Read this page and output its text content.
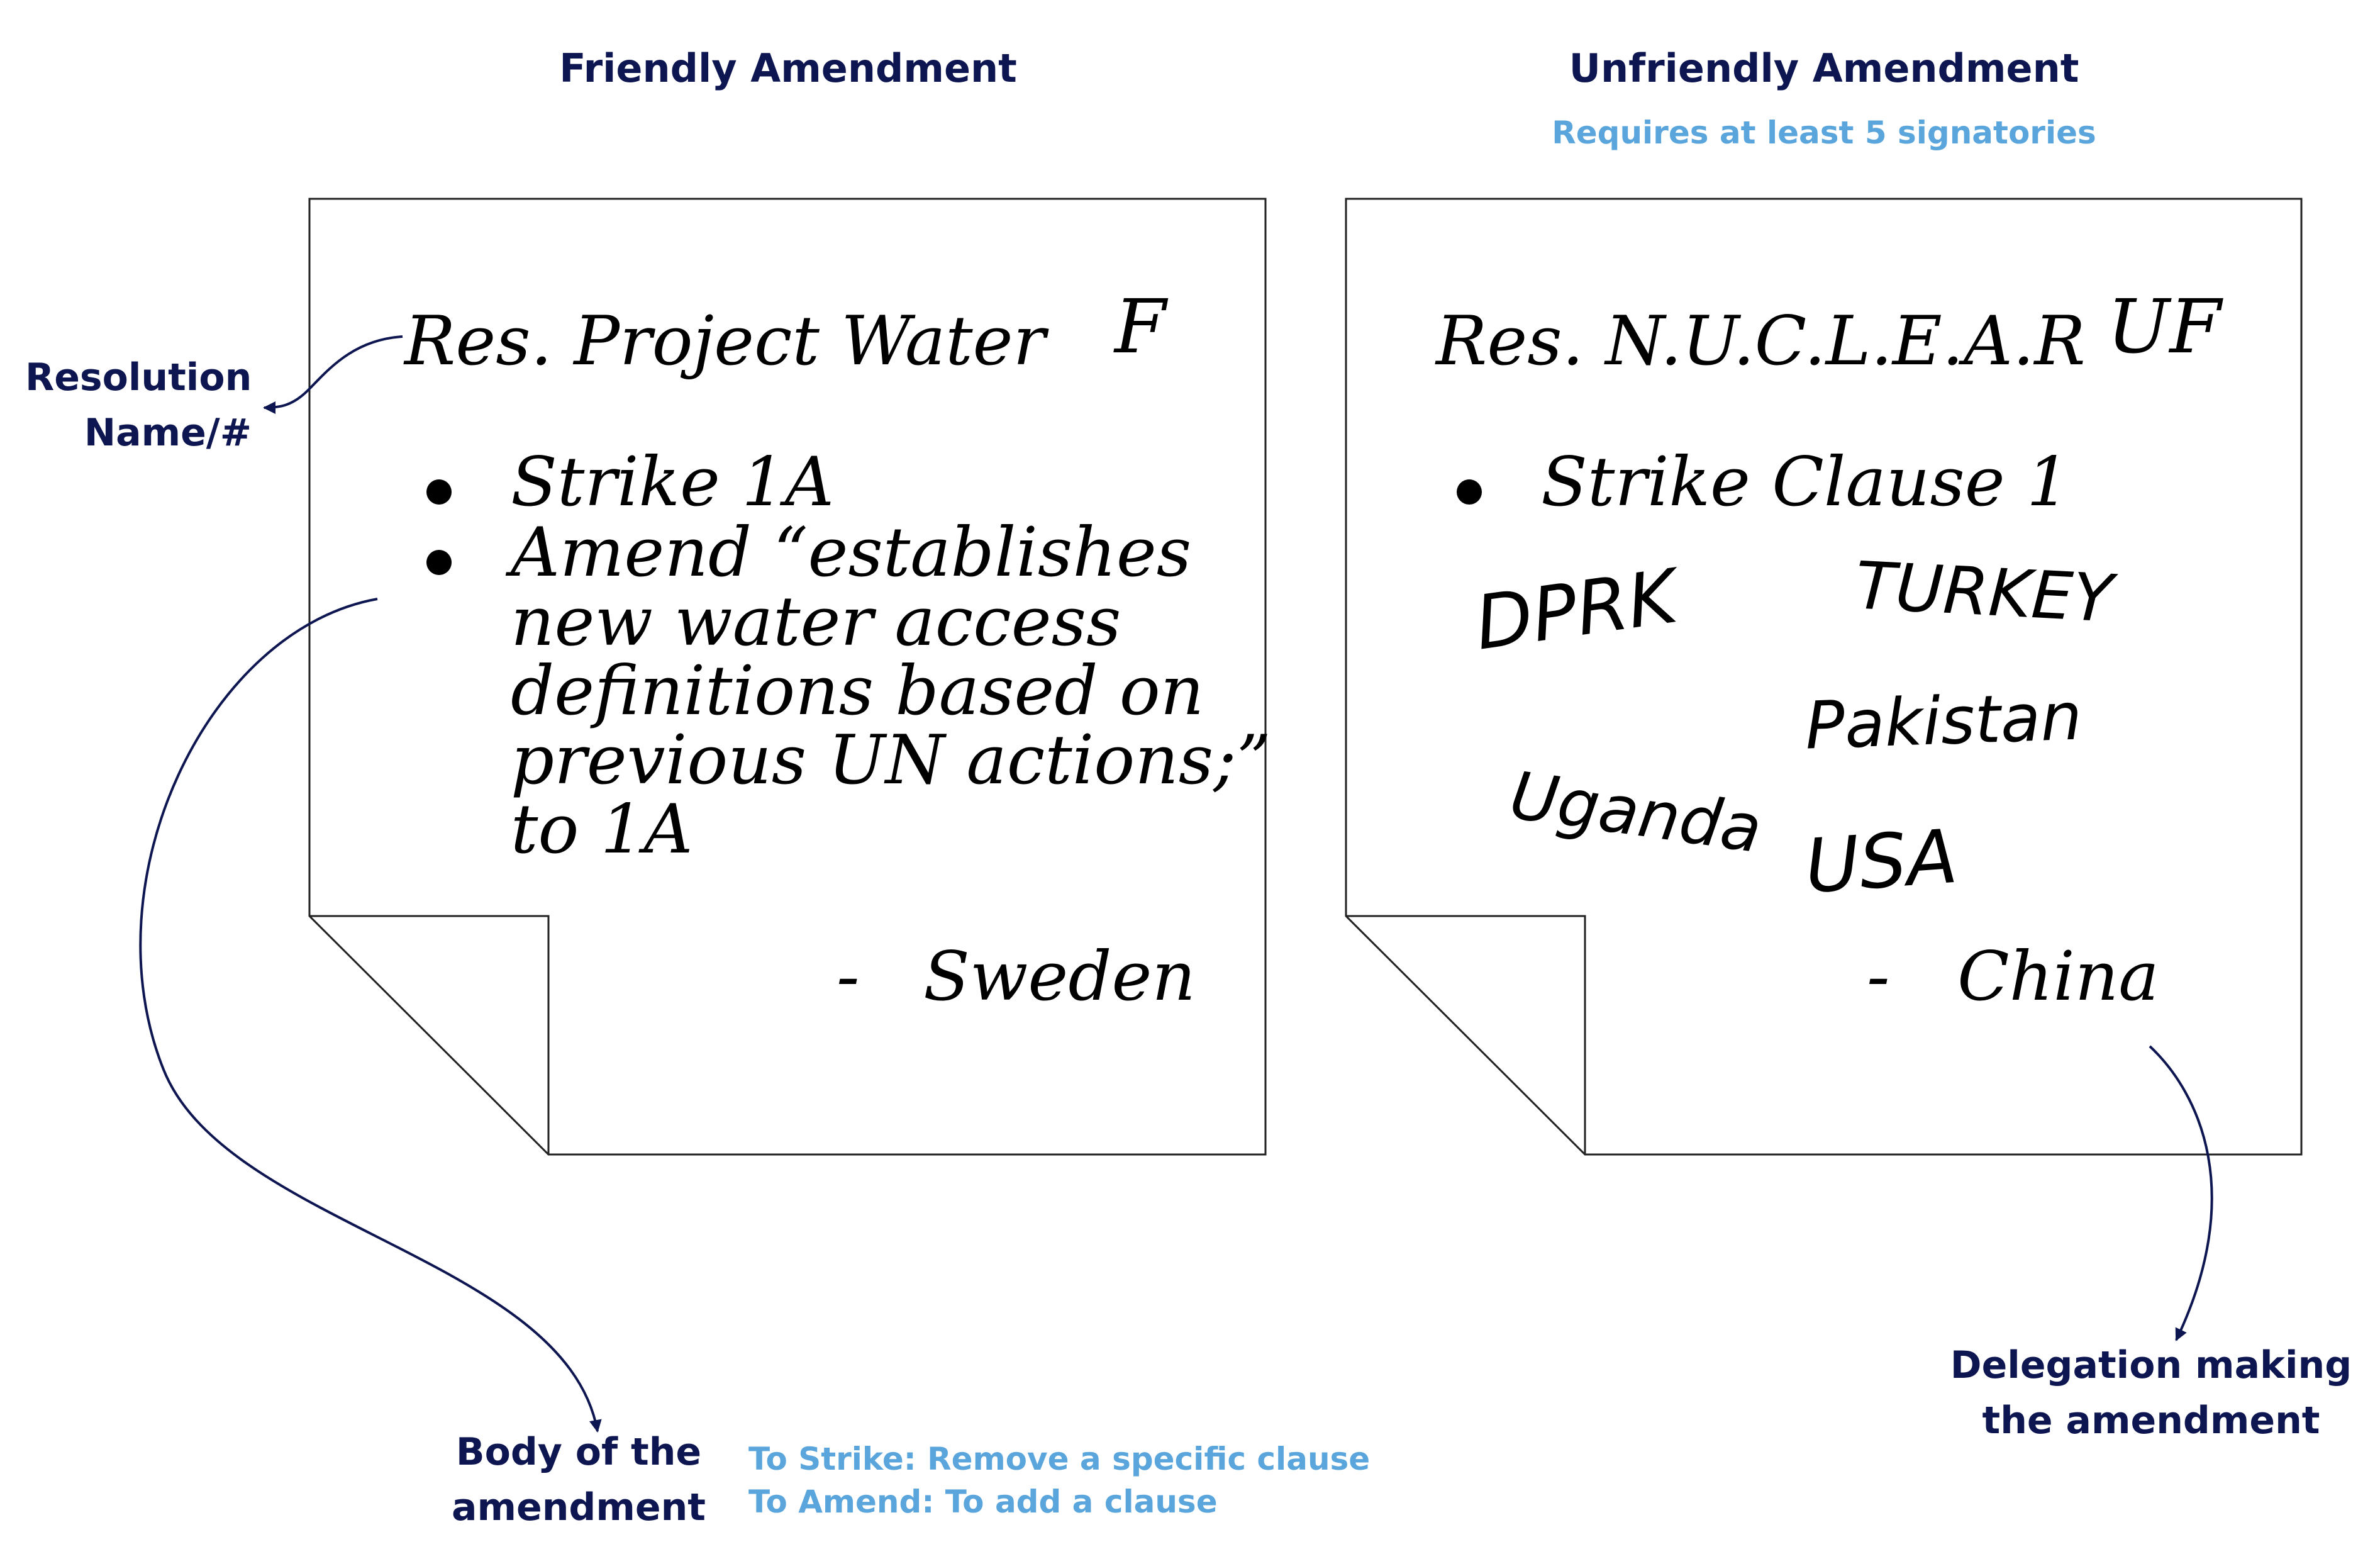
Friendly Amendment	Unfriendly Amendment
Requires at least 5 signatories
Res. Project Water F
Strike 1A
Amend “establishes
new water access
definitions based on
previous UN actions;”
to 1A
- Sweden
Res. N.U.C.L.E.A.R UF
Strike Clause 1
DPRK	TURKEY
Pakistan
Uganda USA
- China
Resolution
Name/#
Body of the
amendment
To Strike: Remove a specific clause
To Amend: To add a clause
Delegation making
the amendment
